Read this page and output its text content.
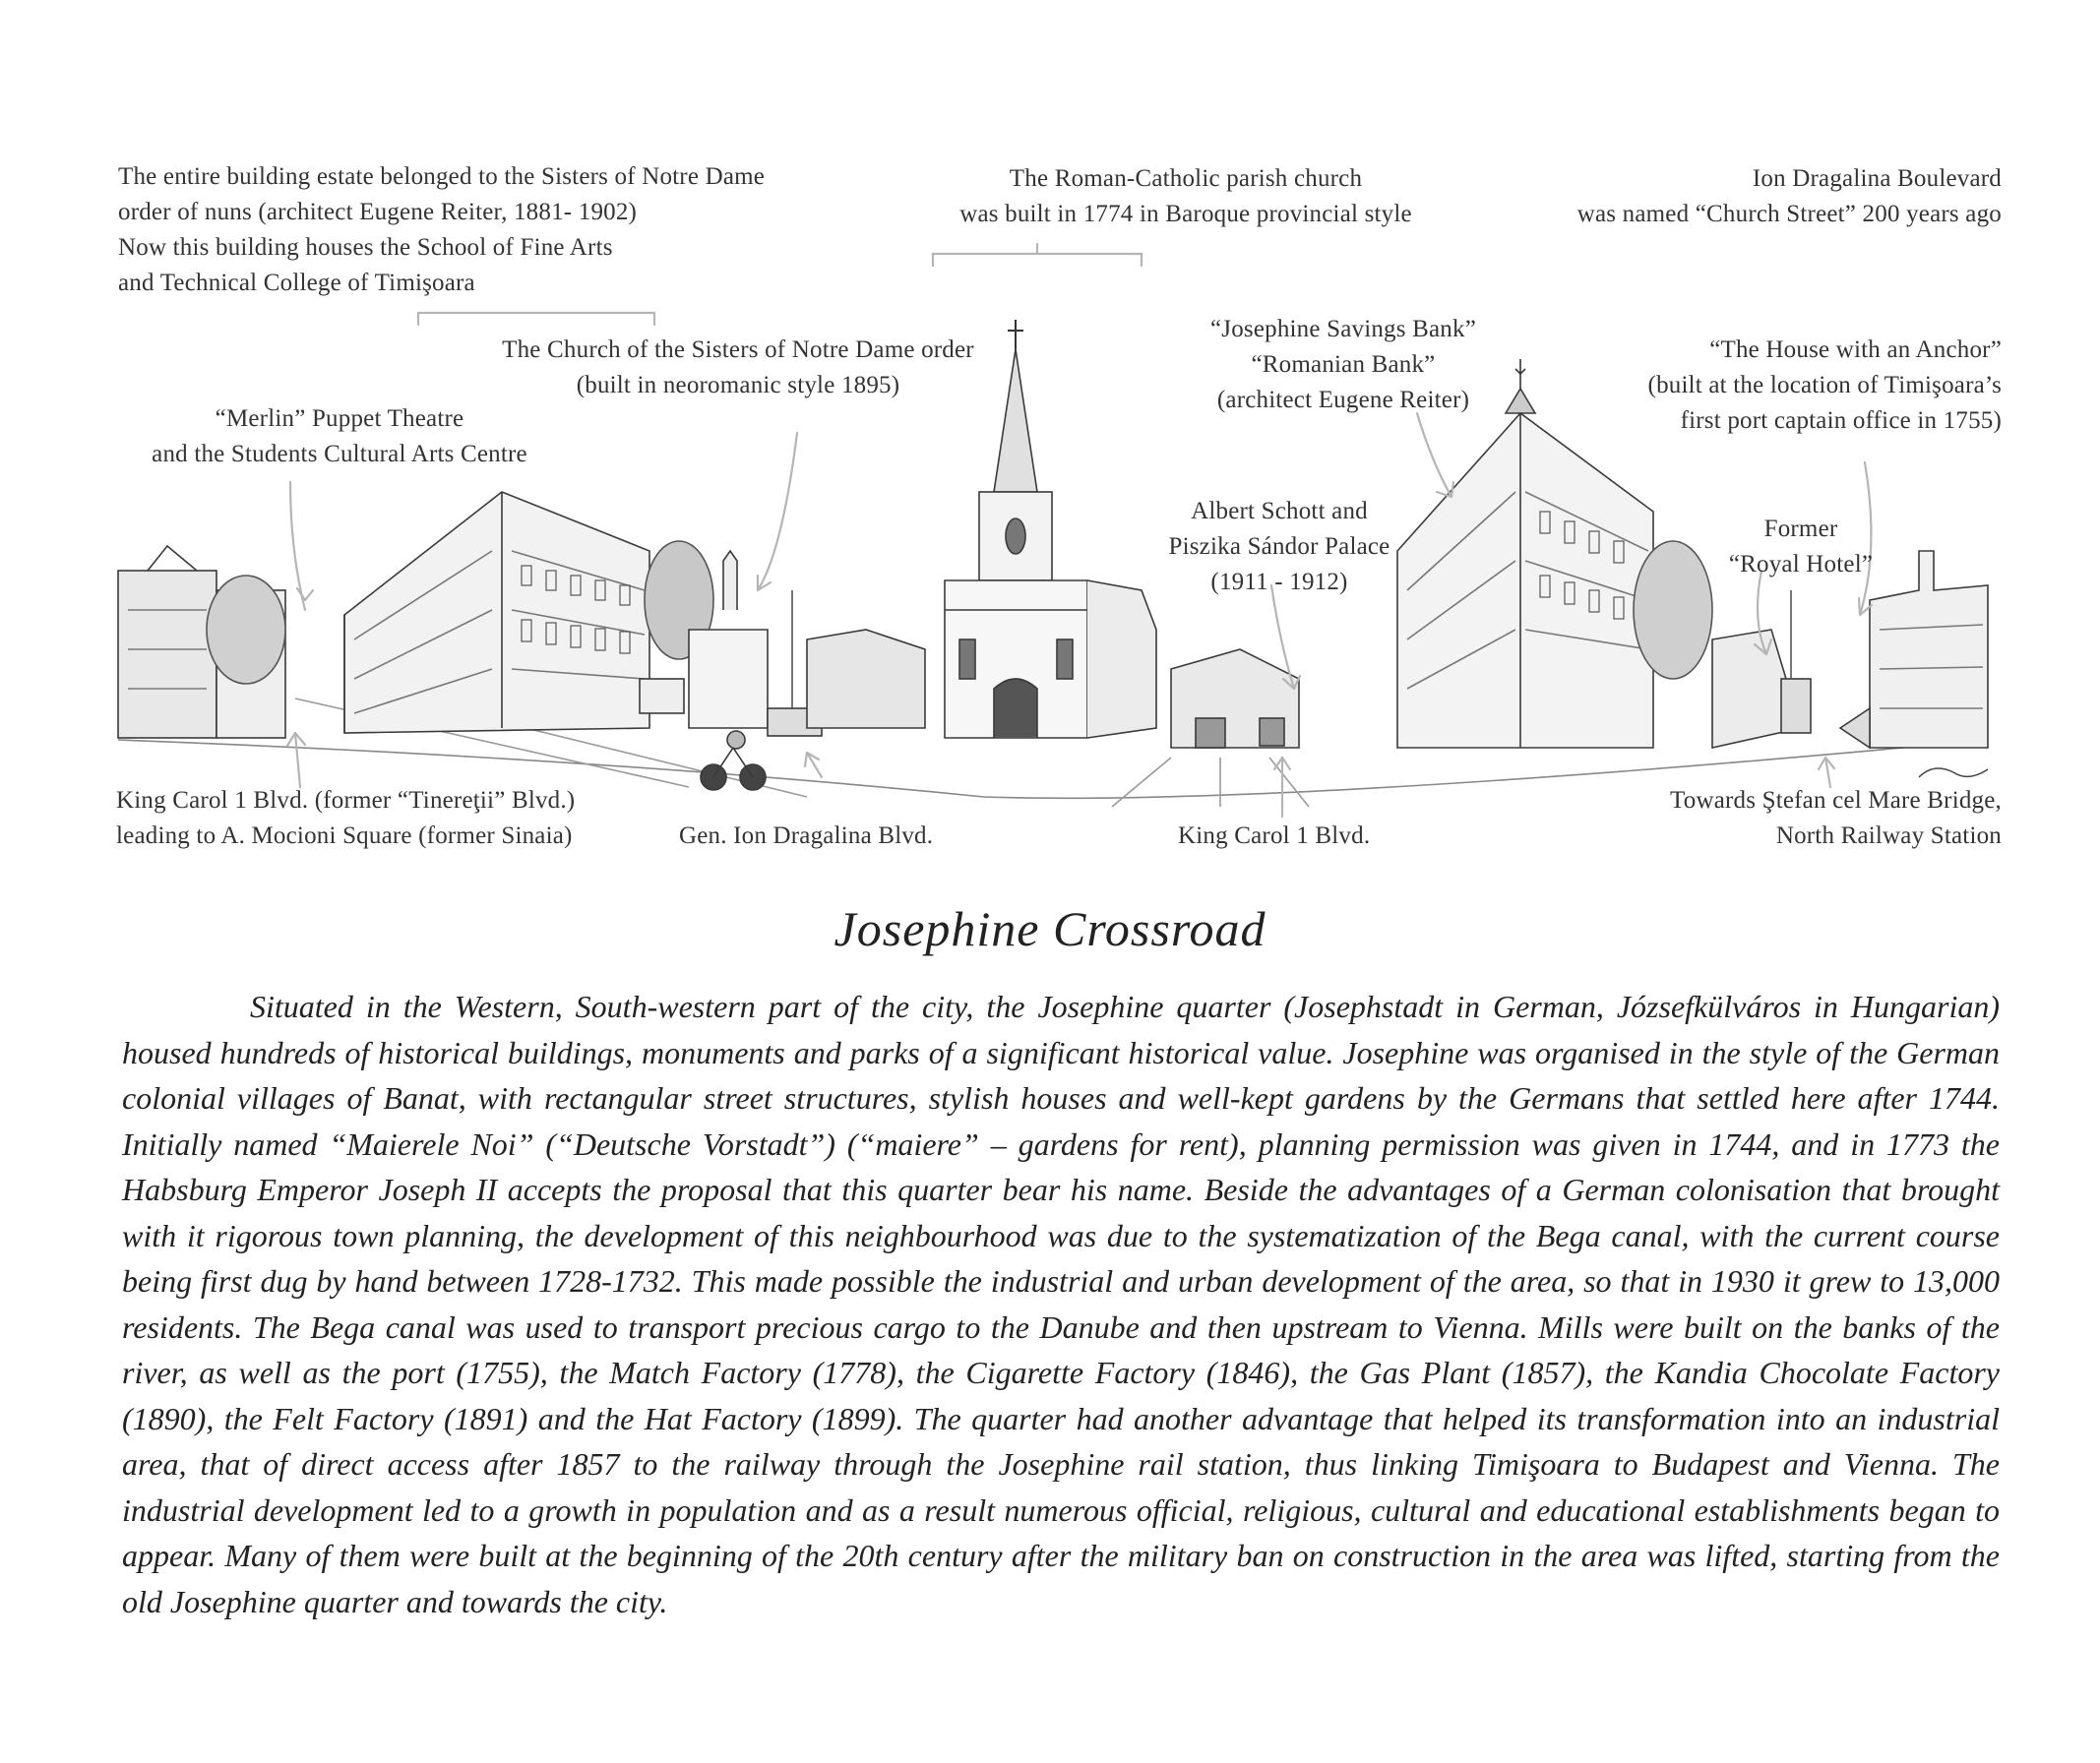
The entire building estate belonged to the Sisters of Notre Dame
order of nuns (architect Eugene Reiter, 1881- 1902)
Now this building houses the School of Fine Arts
and Technical College of Timişoara
The Roman-Catholic parish church
was built in 1774 in Baroque provincial style
Ion Dragalina Boulevard
was named “Church Street” 200 years ago
The Church of the Sisters of Notre Dame order
(built in neoromanic style 1895)
“Josephine Savings Bank”
“Romanian Bank”
(architect Eugene Reiter)
“The House with an Anchor”
(built at the location of Timişoara’s
first port captain office in 1755)
“Merlin” Puppet Theatre
and the Students Cultural Arts Centre
Albert Schott and
Piszika Sándor Palace
(1911 - 1912)
Former
“Royal Hotel”
King Carol 1 Blvd. (former “Tinereţii” Blvd.)
leading to A. Mocioni Square (former Sinaia)	Gen. Ion Dragalina Blvd.	King Carol 1 Blvd.
Towards Ştefan cel Mare Bridge,
North Railway Station
Josephine Crossroad

Situated in the Western, South-western part of the city, the Josephine quarter (Josephstadt in German, Józsefkülváros in Hungarian) housed hundreds of historical buildings, monuments and parks of a significant historical value. Josephine was organised in the style of the German colonial villages of Banat, with rectangular street structures, stylish houses and well-kept gardens by the Germans that settled here after 1744. Initially named “Maierele Noi” (“Deutsche Vorstadt”) (“maiere” – gardens for rent), planning permission was given in 1744, and in 1773 the Habsburg Emperor Joseph II accepts the proposal that this quarter bear his name. Beside the advantages of a German colonisation that brought with it rigorous town planning, the development of this neighbourhood was due to the systematization of the Bega canal, with the current course being first dug by hand between 1728-1732. This made possible the industrial and urban development of the area, so that in 1930 it grew to 13,000 residents. The Bega canal was used to transport precious cargo to the Danube and then upstream to Vienna. Mills were built on the banks of the river, as well as the port (1755), the Match Factory (1778), the Cigarette Factory (1846), the Gas Plant (1857), the Kandia Chocolate Factory (1890), the Felt Factory (1891) and the Hat Factory (1899). The quarter had another advantage that helped its transformation into an industrial area, that of direct access after 1857 to the railway through the Josephine rail station, thus linking Timişoara to Budapest and Vienna. The industrial development led to a growth in population and as a result numerous official, religious, cultural and educational establishments began to appear. Many of them were built at the beginning of the 20th century after the military ban on construction in the area was lifted, starting from the old Josephine quarter and towards the city.
